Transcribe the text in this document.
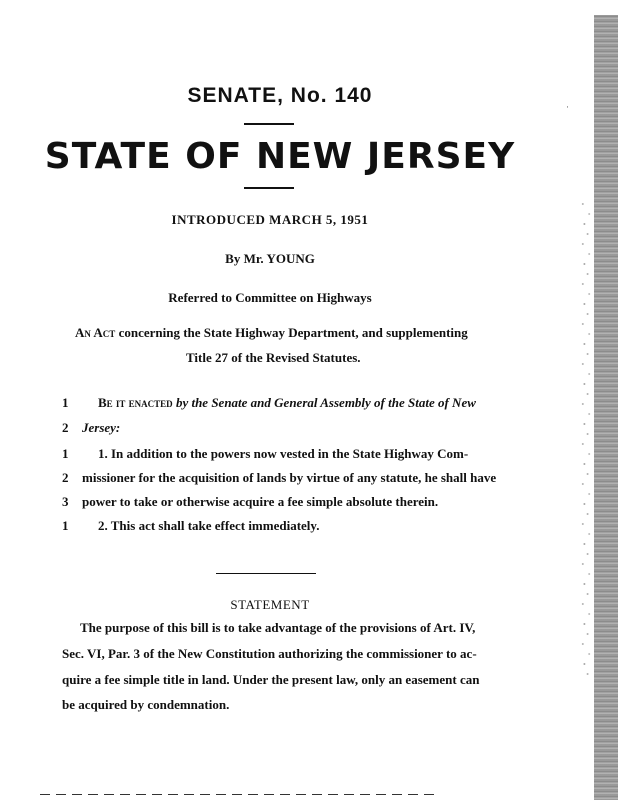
·
SENATE, No. 140
STATE OF NEW JERSEY
INTRODUCED MARCH 5, 1951
By Mr. YOUNG
Referred to Committee on Highways
An Act concerning the State Highway Department, and supplementing
Title 27 of the Revised Statutes.
1 Be it enacted by the Senate and General Assembly of the State of New
2 Jersey:
1 1. In addition to the powers now vested in the State Highway Com-
2 missioner for the acquisition of lands by virtue of any statute, he shall have
3 power to take or otherwise acquire a fee simple absolute therein.
1 2. This act shall take effect immediately.
STATEMENT
The purpose of this bill is to take advantage of the provisions of Art. IV,
Sec. VI, Par. 3 of the New Constitution authorizing the commissioner to ac-
quire a fee simple title in land. Under the present law, only an easement can
be acquired by condemnation.
